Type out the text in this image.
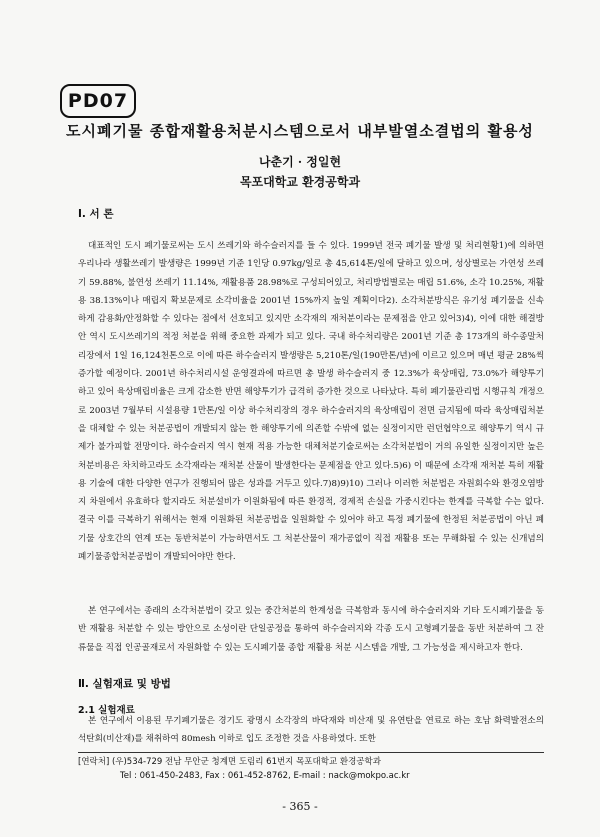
PD07
도시폐기물 종합재활용처분시스템으로서 내부발열소결법의 활용성
나춘기 · 정일현
목포대학교 환경공학과
Ⅰ. 서 론

대표적인 도시 폐기물로써는 도시 쓰레기와 하수슬러지를 들 수 있다. 1999년 전국 폐기물 발생 및 처리현황1)에 의하면 우리나라 생활쓰레기 발생량은 1999년 기준 1인당 0.97kg/일로 총 45,614톤/일에 달하고 있으며, 성상별로는 가연성 쓰레기 59.88%, 불연성 쓰레기 11.14%, 재활용품 28.98%로 구성되어있고, 처리방법별로는 매립 51.6%, 소각 10.25%, 재활용 38.13%이나 매립지 확보문제로 소각비율을 2001년 15%까지 높일 계획이다2). 소각처분방식은 유기성 폐기물을 신속하게 감용화/안정화할 수 있다는 점에서 선호되고 있지만 소각재의 재처분이라는 문제점을 안고 있어3)4), 이에 대한 해결방안 역시 도시쓰레기의 적정 처분을 위해 중요한 과제가 되고 있다. 국내 하수처리량은 2001년 기준 총 173개의 하수종말처리장에서 1일 16,124천톤으로 이에 따른 하수슬러지 발생량은 5,210톤/일(190만톤/년)에 이르고 있으며 매년 평균 28%씩 증가할 예정이다. 2001년 하수처리시설 운영결과에 따르면 총 발생 하수슬러지 중 12.3%가 육상매립, 73.0%가 해양투기하고 있어 육상매립비율은 크게 감소한 반면 해양투기가 급격히 증가한 것으로 나타났다. 특히 폐기물관리법 시행규칙 개정으로 2003년 7월부터 시설용량 1만톤/일 이상 하수처리장의 경우 하수슬러지의 육상매립이 전면 금지됨에 따라 육상매립처분을 대체할 수 있는 처분공법이 개발되지 않는 한 해양투기에 의존할 수밖에 없는 실정이지만 런던협약으로 해양투기 역시 규제가 불가피할 전망이다. 하수슬러지 역시 현재 적용 가능한 대체처분기술로써는 소각처분법이 거의 유일한 실정이지만 높은 처분비용은 차치하고라도 소각재라는 재처분 산물이 발생한다는 문제점을 안고 있다.5)6) 이 때문에 소각재 재처분 특히 재활용 기술에 대한 다양한 연구가 진행되어 많은 성과를 거두고 있다.7)8)9)10) 그러나 이러한 처분법은 자원회수와 환경오염방지 차원에서 유효하다 할지라도 처분설비가 이원화됨에 따른 환경적, 경제적 손실을 가중시킨다는 한계를 극복할 수는 없다. 결국 이를 극복하기 위해서는 현재 이원화된 처분공법을 일원화할 수 있어야 하고 특정 폐기물에 한정된 처분공법이 아닌 폐기물 상호간의 연계 또는 동반처분이 가능하면서도 그 처분산물이 재가공없이 직접 재활용 또는 무해화될 수 있는 신개념의 폐기물종합처분공법이 개발되어야만 한다.

본 연구에서는 종래의 소각처분법이 갖고 있는 중간처분의 한계성을 극복함과 동시에 하수슬러지와 기타 도시폐기물을 동반 재활용 처분할 수 있는 방안으로 소성이란 단일공정을 통하여 하수슬러지와 각종 도시 고형폐기물을 동반 처분하여 그 잔류물을 직접 인공골재로서 자원화할 수 있는 도시폐기물 종합 재활용 처분 시스템을 개발, 그 가능성을 제시하고자 한다.

Ⅱ. 실험재료 및 방법
2.1 실험재료

본 연구에서 이용된 무기폐기물은 경기도 광명시 소각장의 바닥재와 비산재 및 유연탄을 연료로 하는 호남 화력발전소의 석탄회(비산재)를 채취하여 80mesh 이하로 입도 조정한 것을 사용하였다. 또한

[연락처] (우)534-729 전남 무안군 청계면 도림리 61번지 목포대학교 환경공학과
Tel : 061-450-2483, Fax : 061-452-8762, E-mail : nack@mokpo.ac.kr
- 365 -
